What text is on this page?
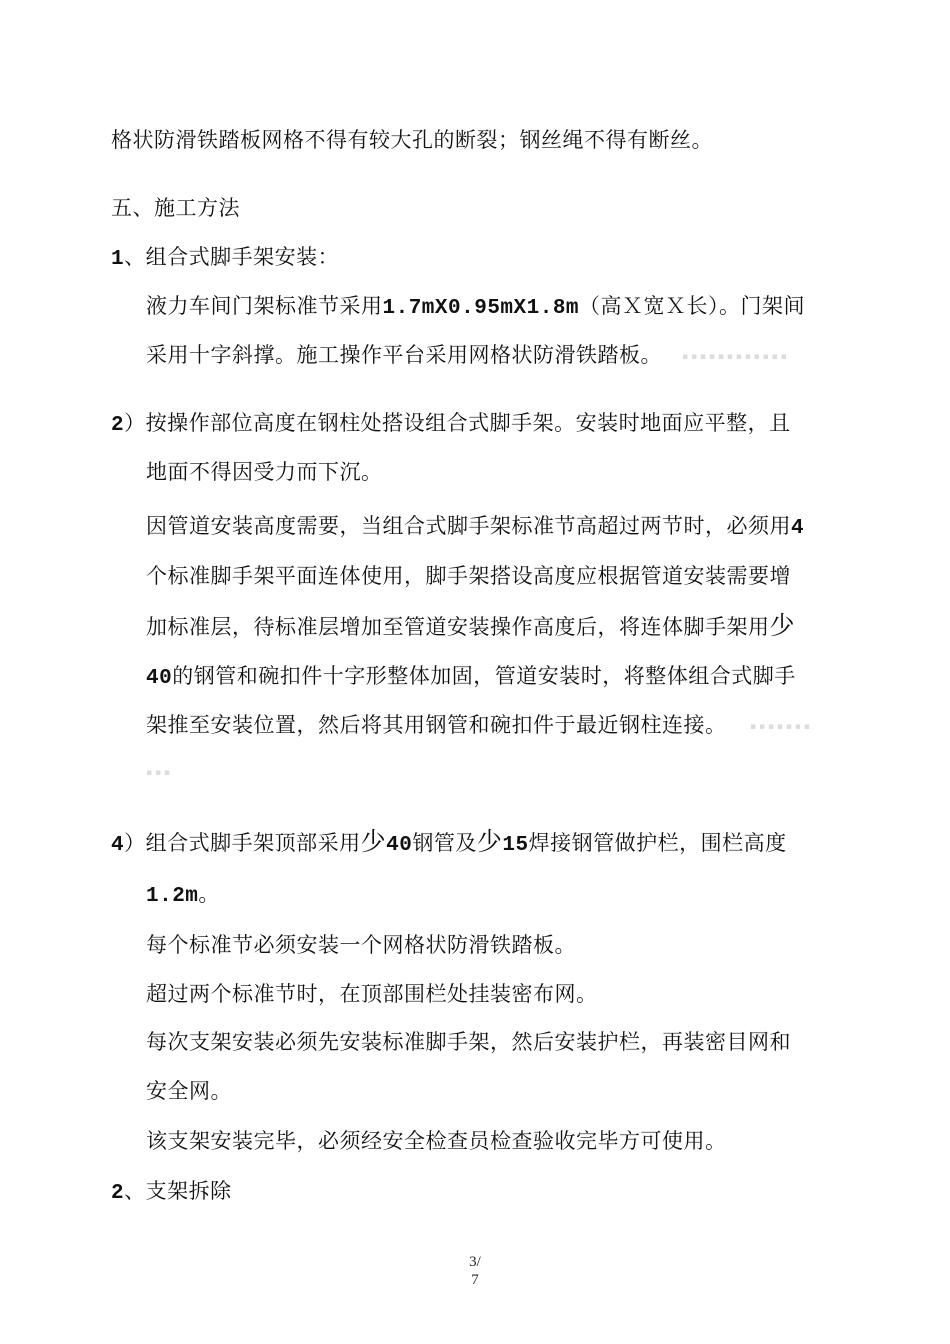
格状防滑铁踏板网格不得有较大孔的断裂；钢丝绳不得有断丝。
五、施工方法
1、组合式脚手架安装：
液力车间门架标准节采用1.7mX0.95mX1.8m（高Ｘ宽Ｘ长）。门架间
采用十字斜撑。施工操作平台采用网格状防滑铁踏板。 ▪ ▪ ▪ ▪ ▪ ▪ ▪ ▪ ▪ ▪ ▪ ▪
2）按操作部位高度在钢柱处搭设组合式脚手架。安装时地面应平整，且
地面不得因受力而下沉。
因管道安装高度需要，当组合式脚手架标准节高超过两节时，必须用4
个标准脚手架平面连体使用，脚手架搭设高度应根据管道安装需要增
加标准层，待标准层增加至管道安装操作高度后，将连体脚手架用少
40的钢管和碗扣件十字形整体加固，管道安装时，将整体组合式脚手
架推至安装位置，然后将其用钢管和碗扣件于最近钢柱连接。	▪ ▪ ▪ ▪ ▪ ▪ ▪
▪ ▪ ▪
4）组合式脚手架顶部采用少40钢管及少15焊接钢管做护栏，围栏高度
1.2m。
每个标准节必须安装一个网格状防滑铁踏板。
超过两个标准节时，在顶部围栏处挂装密布网。
每次支架安装必须先安装标准脚手架，然后安装护栏，再装密目网和
安全网。
该支架安装完毕，必须经安全检查员检查验收完毕方可使用。
2、支架拆除
3/
7
